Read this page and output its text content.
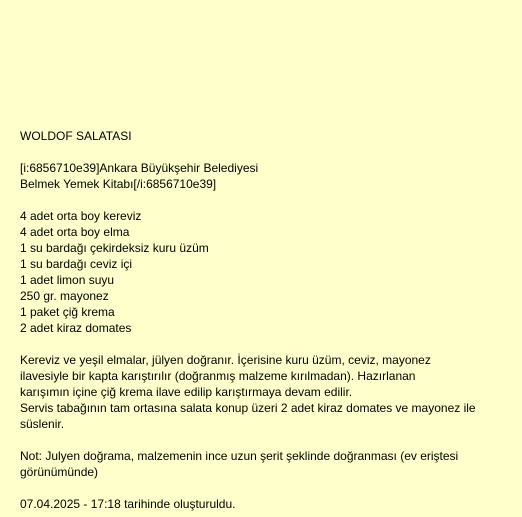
WOLDOF SALATASI
[i:6856710e39]Ankara Büyükşehir Belediyesi
Belmek Yemek Kitabı[/i:6856710e39]
4 adet orta boy kereviz
4 adet orta boy elma
1 su bardağı çekirdeksiz kuru üzüm
1 su bardağı ceviz içi
1 adet limon suyu
250 gr. mayonez
1 paket çiğ krema
2 adet kiraz domates
Kereviz ve yeşil elmalar, jülyen doğranır. İçerisine kuru üzüm, ceviz, mayonez
ilavesiyle bir kapta karıştırılır (doğranmış malzeme kırılmadan). Hazırlanan
karışımın içine çiğ krema ilave edilip karıştırmaya devam edilir.
Servis tabağının tam ortasına salata konup üzeri 2 adet kiraz domates ve mayonez ile
süslenir.
Not: Julyen doğrama, malzemenin ince uzun şerit şeklinde doğranması (ev eriştesi
görünümünde)
07.04.2025 - 17:18 tarihinde oluşturuldu.
